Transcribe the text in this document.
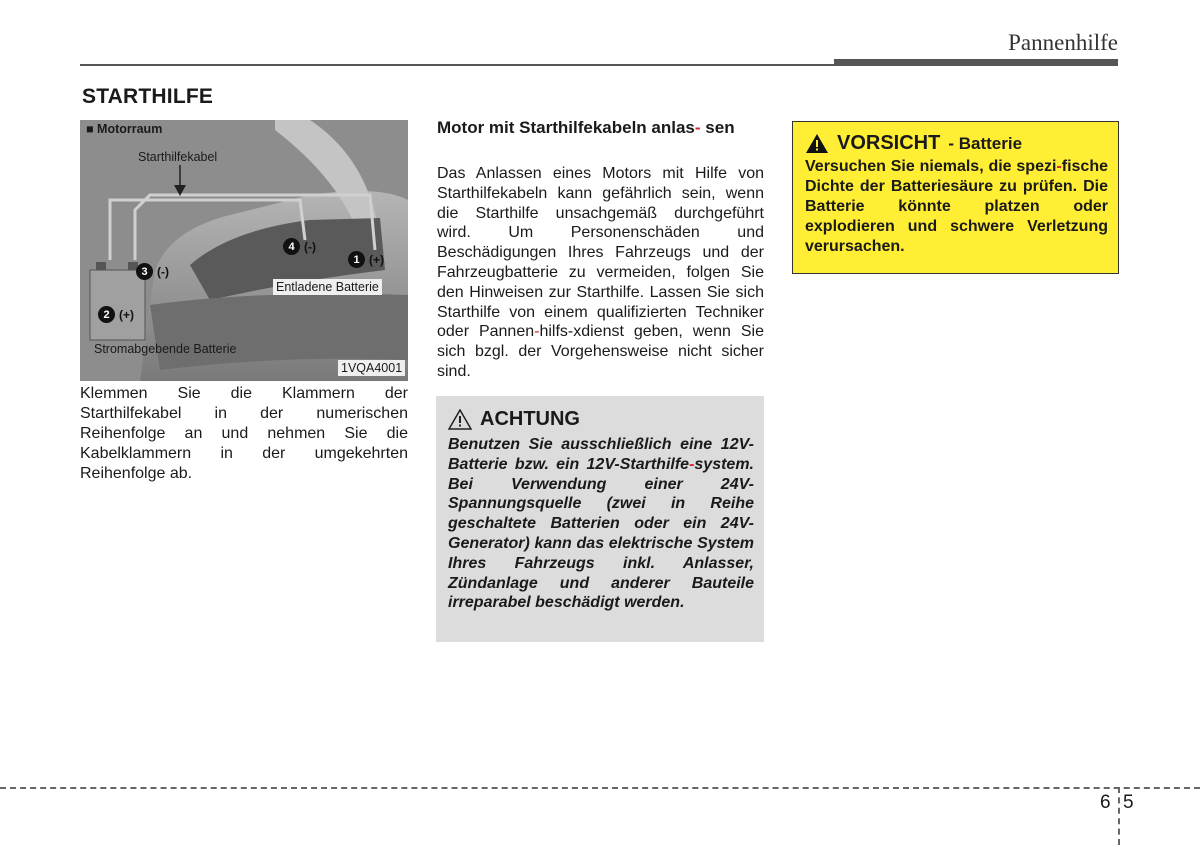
Pannenhilfe
STARTHILFE
■ Motorraum
Starthilfekabel
Entladene Batterie
Stromabgebende Batterie
1VQA4001
1 (+)
2 (+)
3 (-)
4 (-)

Klemmen Sie die Klammern der Starthilfekabel in der numerischen Reihenfolge an und nehmen Sie die Kabelklammern in der umgekehrten Reihenfolge ab.

Motor mit Starthilfekabeln anlas- sen

Das Anlassen eines Motors mit Hilfe von Starthilfekabeln kann gefährlich sein, wenn die Starthilfe unsachgemäß durchgeführt wird. Um Personenschäden und Beschädigungen Ihres Fahrzeugs und der Fahrzeugbatterie zu vermeiden, folgen Sie den Hinweisen zur Starthilfe. Lassen Sie sich Starthilfe von einem qualifizierten Techniker oder Pannen-hilfs-xdienst geben, wenn Sie sich bzgl. der Vorgehensweise nicht sicher sind.

ACHTUNG

Benutzen Sie ausschließlich eine 12V-Batterie bzw. ein 12V-Starthilfe-system. Bei Verwendung einer 24V-Spannungsquelle (zwei in Reihe geschaltete Batterien oder ein 24V-Generator) kann das elektrische System Ihres Fahrzeugs inkl. Anlasser, Zündanlage und anderer Bauteile irreparabel beschädigt werden.

VORSICHT - Batterie

Versuchen Sie niemals, die spezi-fische Dichte der Batteriesäure zu prüfen. Die Batterie könnte platzen oder explodieren und schwere Verletzung verursachen.

6 5
